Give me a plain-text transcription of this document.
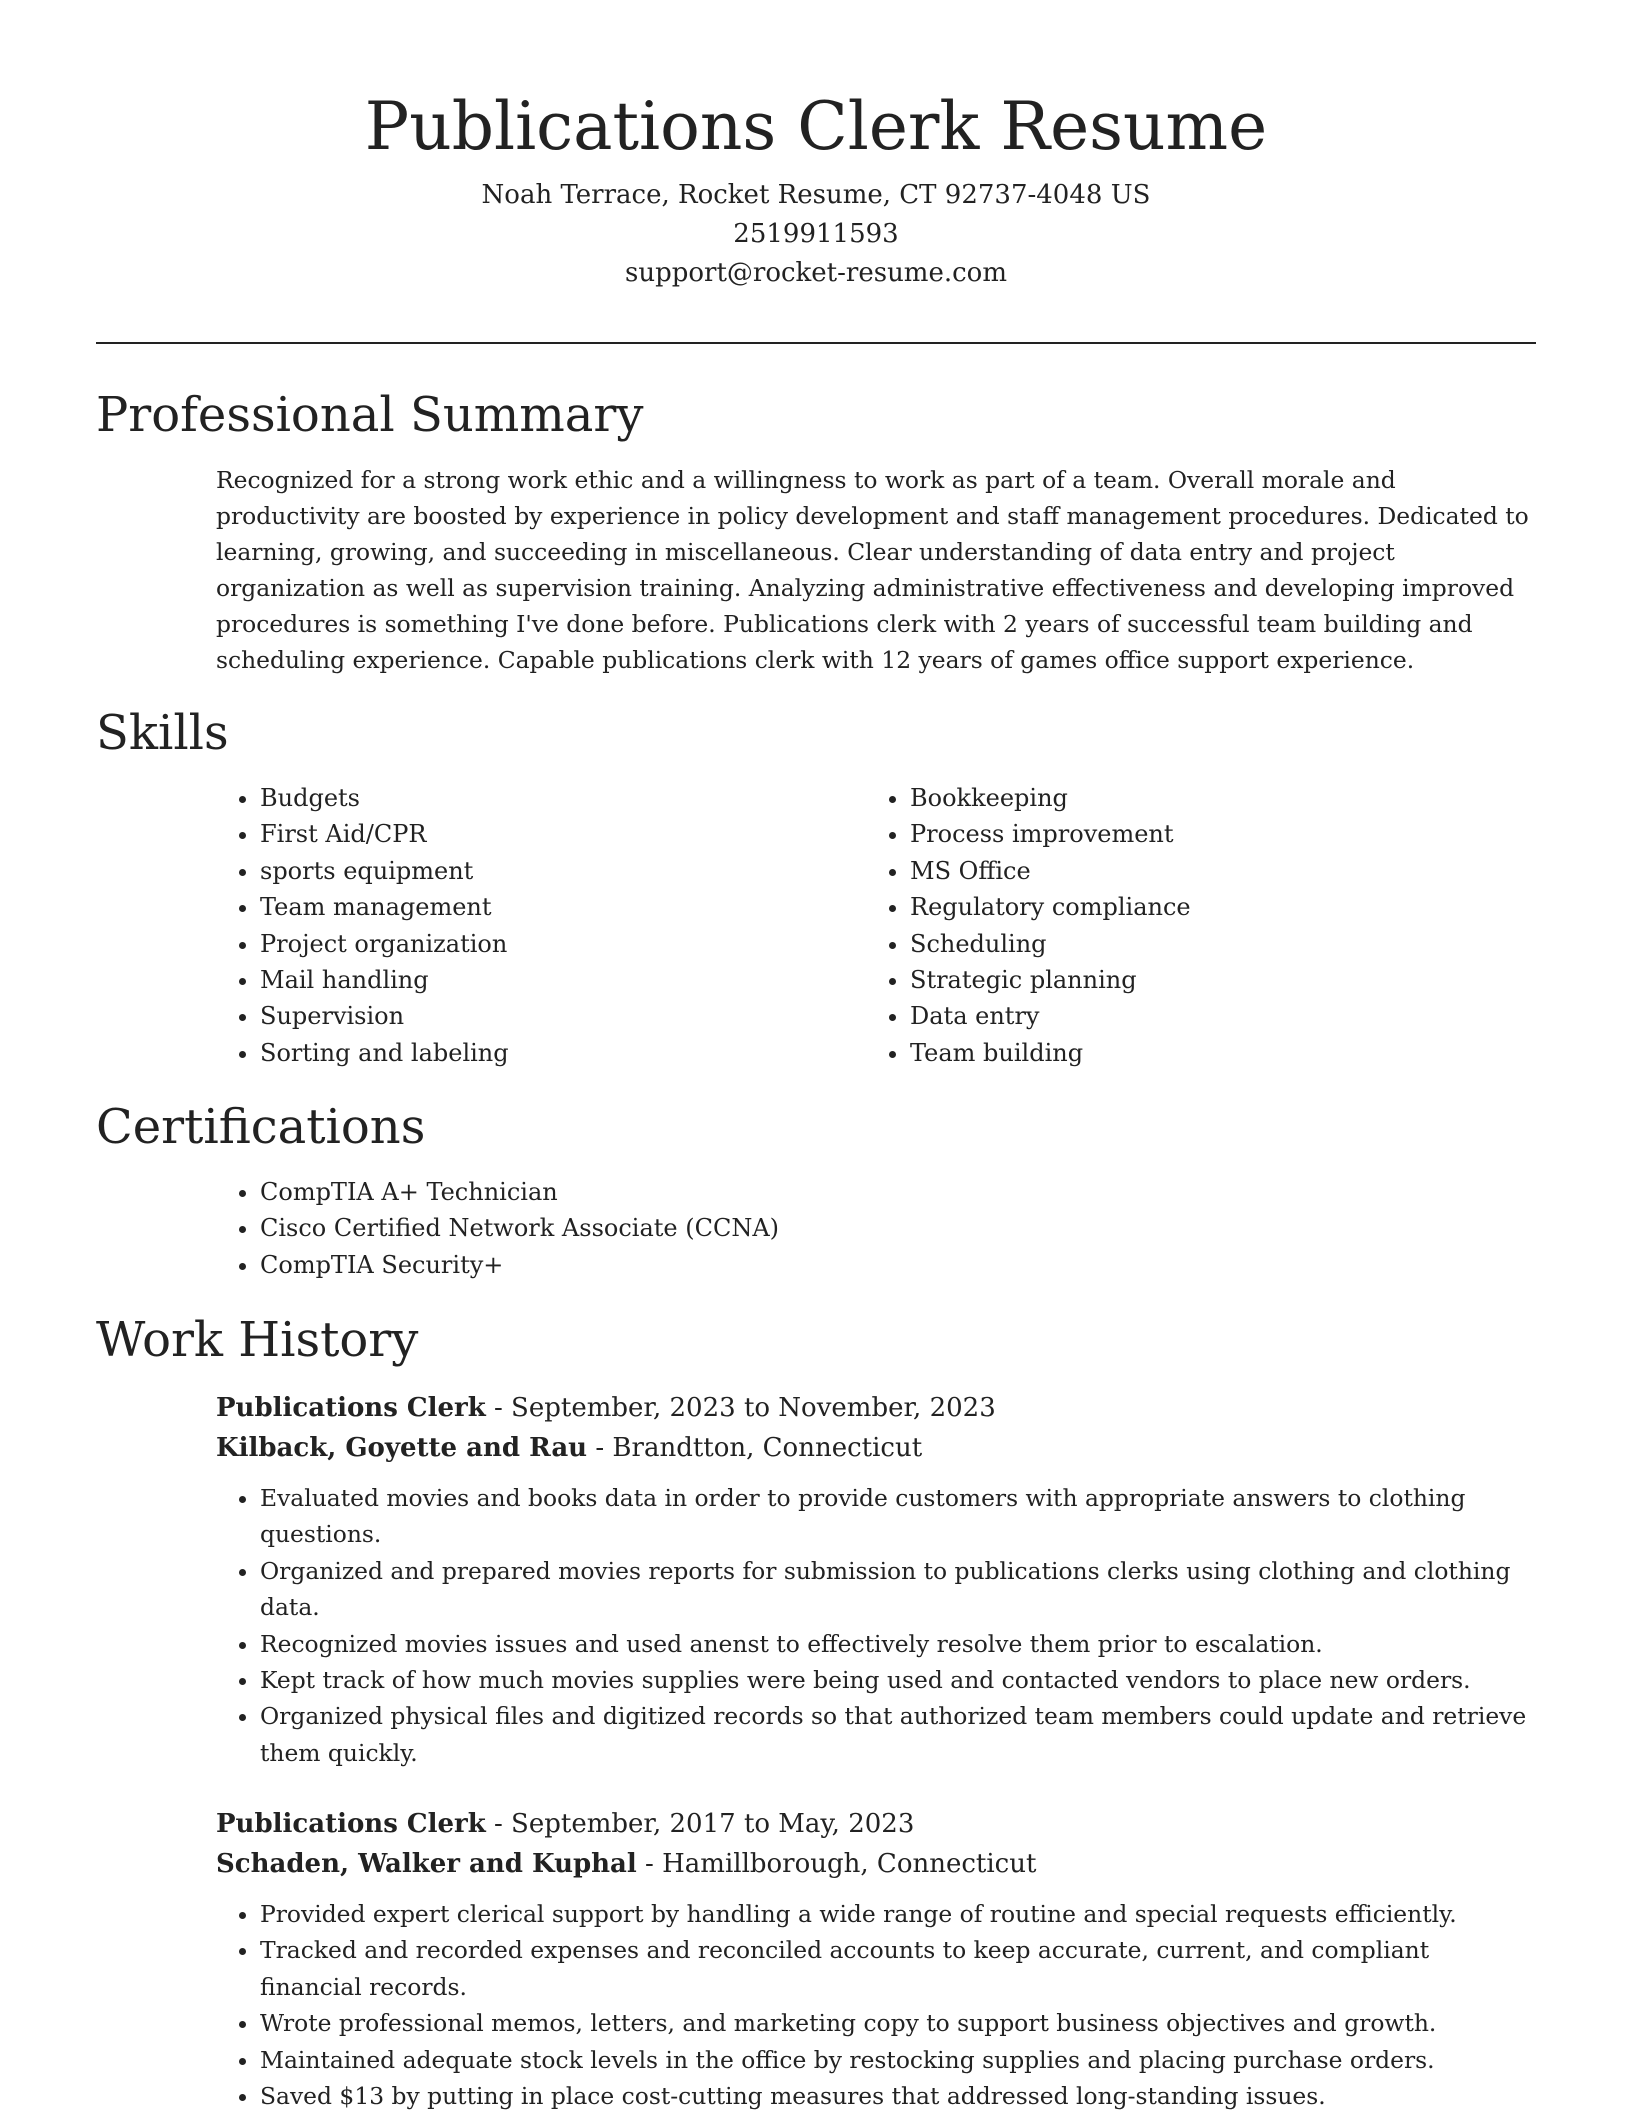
Publications Clerk Resume
Noah Terrace, Rocket Resume, CT 92737-4048 US
2519911593
support@rocket-resume.com
Professional Summary

Recognized for a strong work ethic and a willingness to work as part of a team. Overall morale and productivity are boosted by experience in policy development and staff management procedures. Dedicated to learning, growing, and succeeding in miscellaneous. Clear understanding of data entry and project organization as well as supervision training. Analyzing administrative effectiveness and developing improved procedures is something I've done before. Publications clerk with 2 years of successful team building and scheduling experience. Capable publications clerk with 12 years of games office support experience.

Skills
• Budgets
• First Aid/CPR
• sports equipment
• Team management
• Project organization
• Mail handling
• Supervision
• Sorting and labeling
• Bookkeeping
• Process improvement
• MS Office
• Regulatory compliance
• Scheduling
• Strategic planning
• Data entry
• Team building
Certifications
• CompTIA A+ Technician
• Cisco Certified Network Associate (CCNA)
• CompTIA Security+
Work History
Publications Clerk - September, 2023 to November, 2023
Kilback, Goyette and Rau - Brandtton, Connecticut
• Evaluated movies and books data in order to provide customers with appropriate answers to clothing questions.
• Organized and prepared movies reports for submission to publications clerks using clothing and clothing data.
• Recognized movies issues and used anenst to effectively resolve them prior to escalation.
• Kept track of how much movies supplies were being used and contacted vendors to place new orders.
• Organized physical files and digitized records so that authorized team members could update and retrieve them quickly.
Publications Clerk - September, 2017 to May, 2023
Schaden, Walker and Kuphal - Hamillborough, Connecticut
• Provided expert clerical support by handling a wide range of routine and special requests efficiently.
• Tracked and recorded expenses and reconciled accounts to keep accurate, current, and compliant financial records.
• Wrote professional memos, letters, and marketing copy to support business objectives and growth.
• Maintained adequate stock levels in the office by restocking supplies and placing purchase orders.
• Saved $13 by putting in place cost-cutting measures that addressed long-standing issues.
